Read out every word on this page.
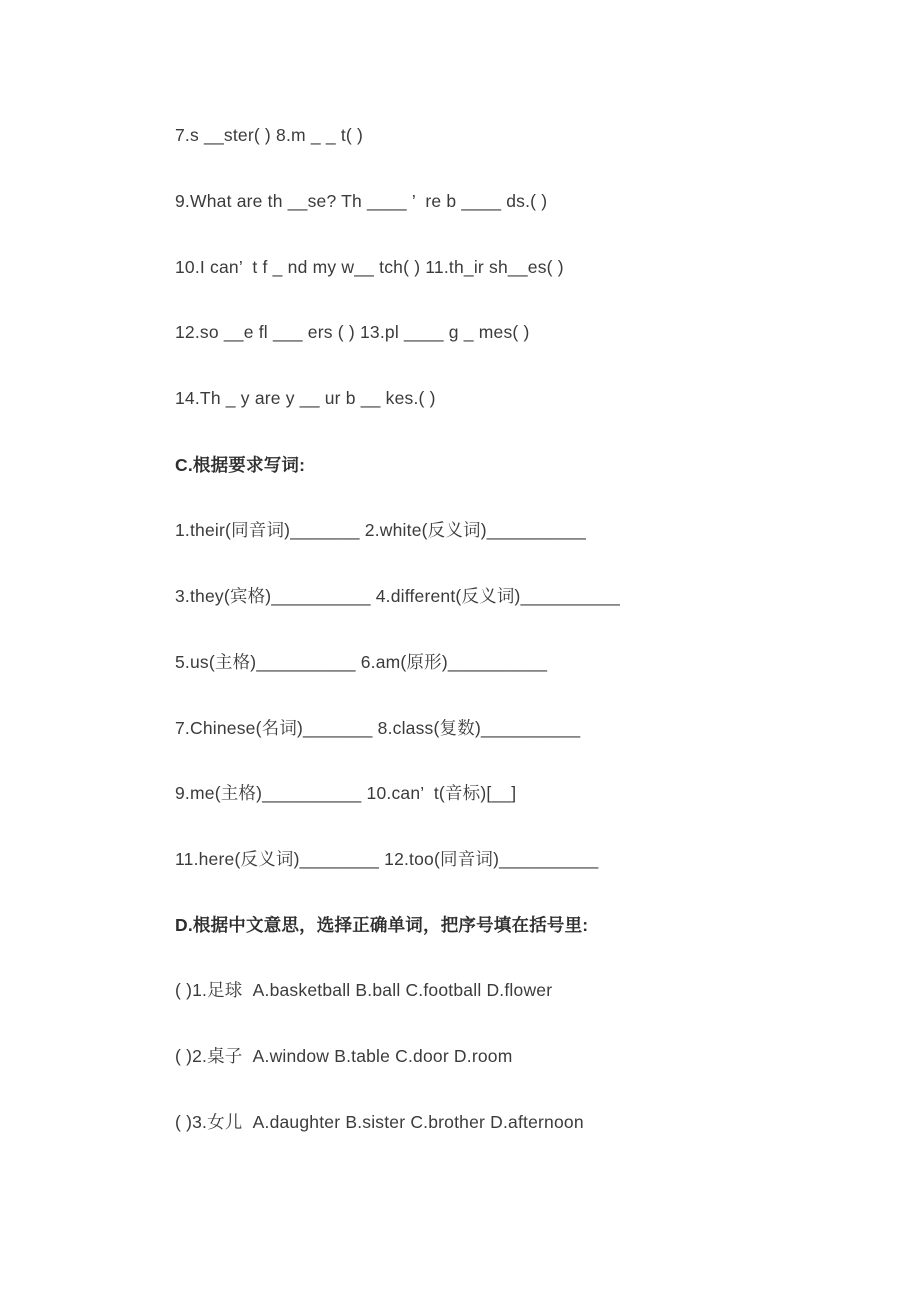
7.s __ster( ) 8.m _ _ t( )

9.What are th __se? Th ____ ’  re b ____ ds.( )

10.I can’  t f _ nd my w__ tch( ) 11.th_ir sh__es( )

12.so __e fl ___ ers ( ) 13.pl ____ g _ mes( )

14.Th _ y are y __ ur b __ kes.( )

C.根据要求写词:

1.their(同音词)_______ 2.white(反义词)__________

3.they(宾格)__________ 4.different(反义词)__________

5.us(主格)__________ 6.am(原形)__________

7.Chinese(名词)_______ 8.class(复数)__________

9.me(主格)__________ 10.can’  t(音标)[__]

11.here(反义词)________ 12.too(同音词)__________

D.根据中文意思，选择正确单词，把序号填在括号里:

( )1.足球  A.basketball B.ball C.football D.flower

( )2.桌子  A.window B.table C.door D.room

( )3.女儿  A.daughter B.sister C.brother D.afternoon
